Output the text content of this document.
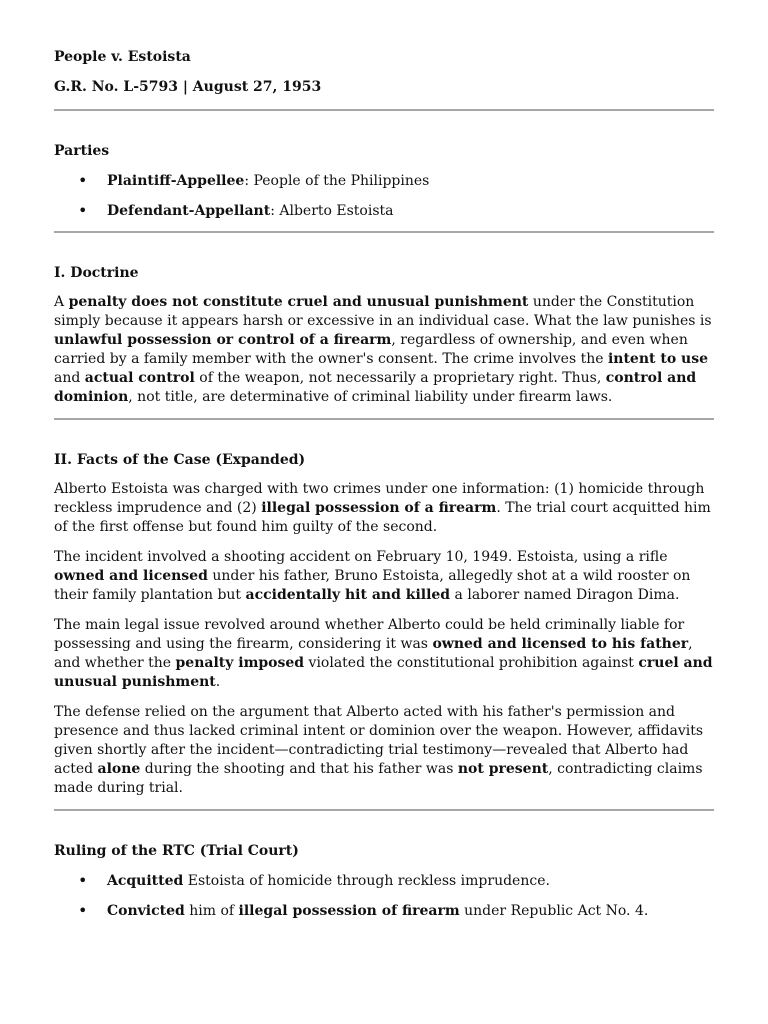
People v. Estoista
G.R. No. L-5793 | August 27, 1953
Parties
• Plaintiff-Appellee: People of the Philippines
• Defendant-Appellant: Alberto Estoista
I. Doctrine

A penalty does not constitute cruel and unusual punishment under the Constitution simply because it appears harsh or excessive in an individual case. What the law punishes is unlawful possession or control of a firearm, regardless of ownership, and even when carried by a family member with the owner's consent. The crime involves the intent to use and actual control of the weapon, not necessarily a proprietary right. Thus, control and dominion, not title, are determinative of criminal liability under firearm laws.

II. Facts of the Case (Expanded)

Alberto Estoista was charged with two crimes under one information: (1) homicide through reckless imprudence and (2) illegal possession of a firearm. The trial court acquitted him of the first offense but found him guilty of the second.

The incident involved a shooting accident on February 10, 1949. Estoista, using a rifle owned and licensed under his father, Bruno Estoista, allegedly shot at a wild rooster on their family plantation but accidentally hit and killed a laborer named Diragon Dima.

The main legal issue revolved around whether Alberto could be held criminally liable for possessing and using the firearm, considering it was owned and licensed to his father, and whether the penalty imposed violated the constitutional prohibition against cruel and unusual punishment.

The defense relied on the argument that Alberto acted with his father's permission and presence and thus lacked criminal intent or dominion over the weapon. However, affidavits given shortly after the incident—contradicting trial testimony—revealed that Alberto had acted alone during the shooting and that his father was not present, contradicting claims made during trial.

Ruling of the RTC (Trial Court)
• Acquitted Estoista of homicide through reckless imprudence.
• Convicted him of illegal possession of firearm under Republic Act No. 4.
